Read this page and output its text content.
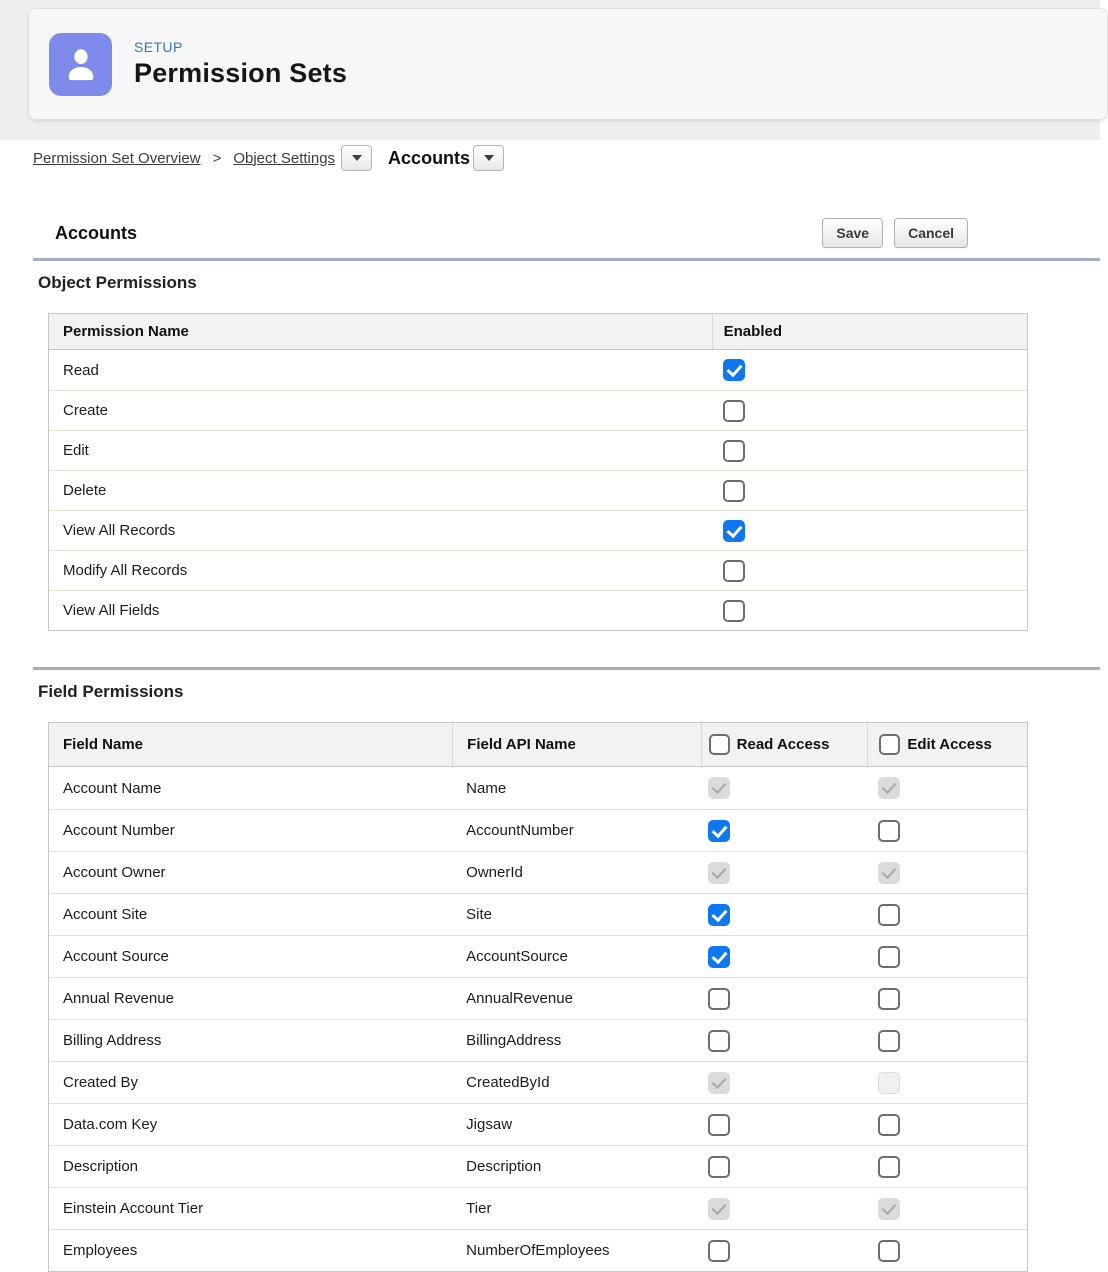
SETUP
Permission Sets
Permission Set Overview > Object Settings	Accounts
Accounts	Save	Cancel
Object Permissions
Permission Name	Enabled
Read
Create
Edit
Delete
View All Records
Modify All Records
View All Fields
Field Permissions
Field Name	Field API Name	Read Access	Edit Access
Account Name	Name
Account Number	AccountNumber
Account Owner	OwnerId
Account Site	Site
Account Source	AccountSource
Annual Revenue	AnnualRevenue
Billing Address	BillingAddress
Created By	CreatedById
Data.com Key	Jigsaw
Description	Description
Einstein Account Tier	Tier
Employees	NumberOfEmployees
